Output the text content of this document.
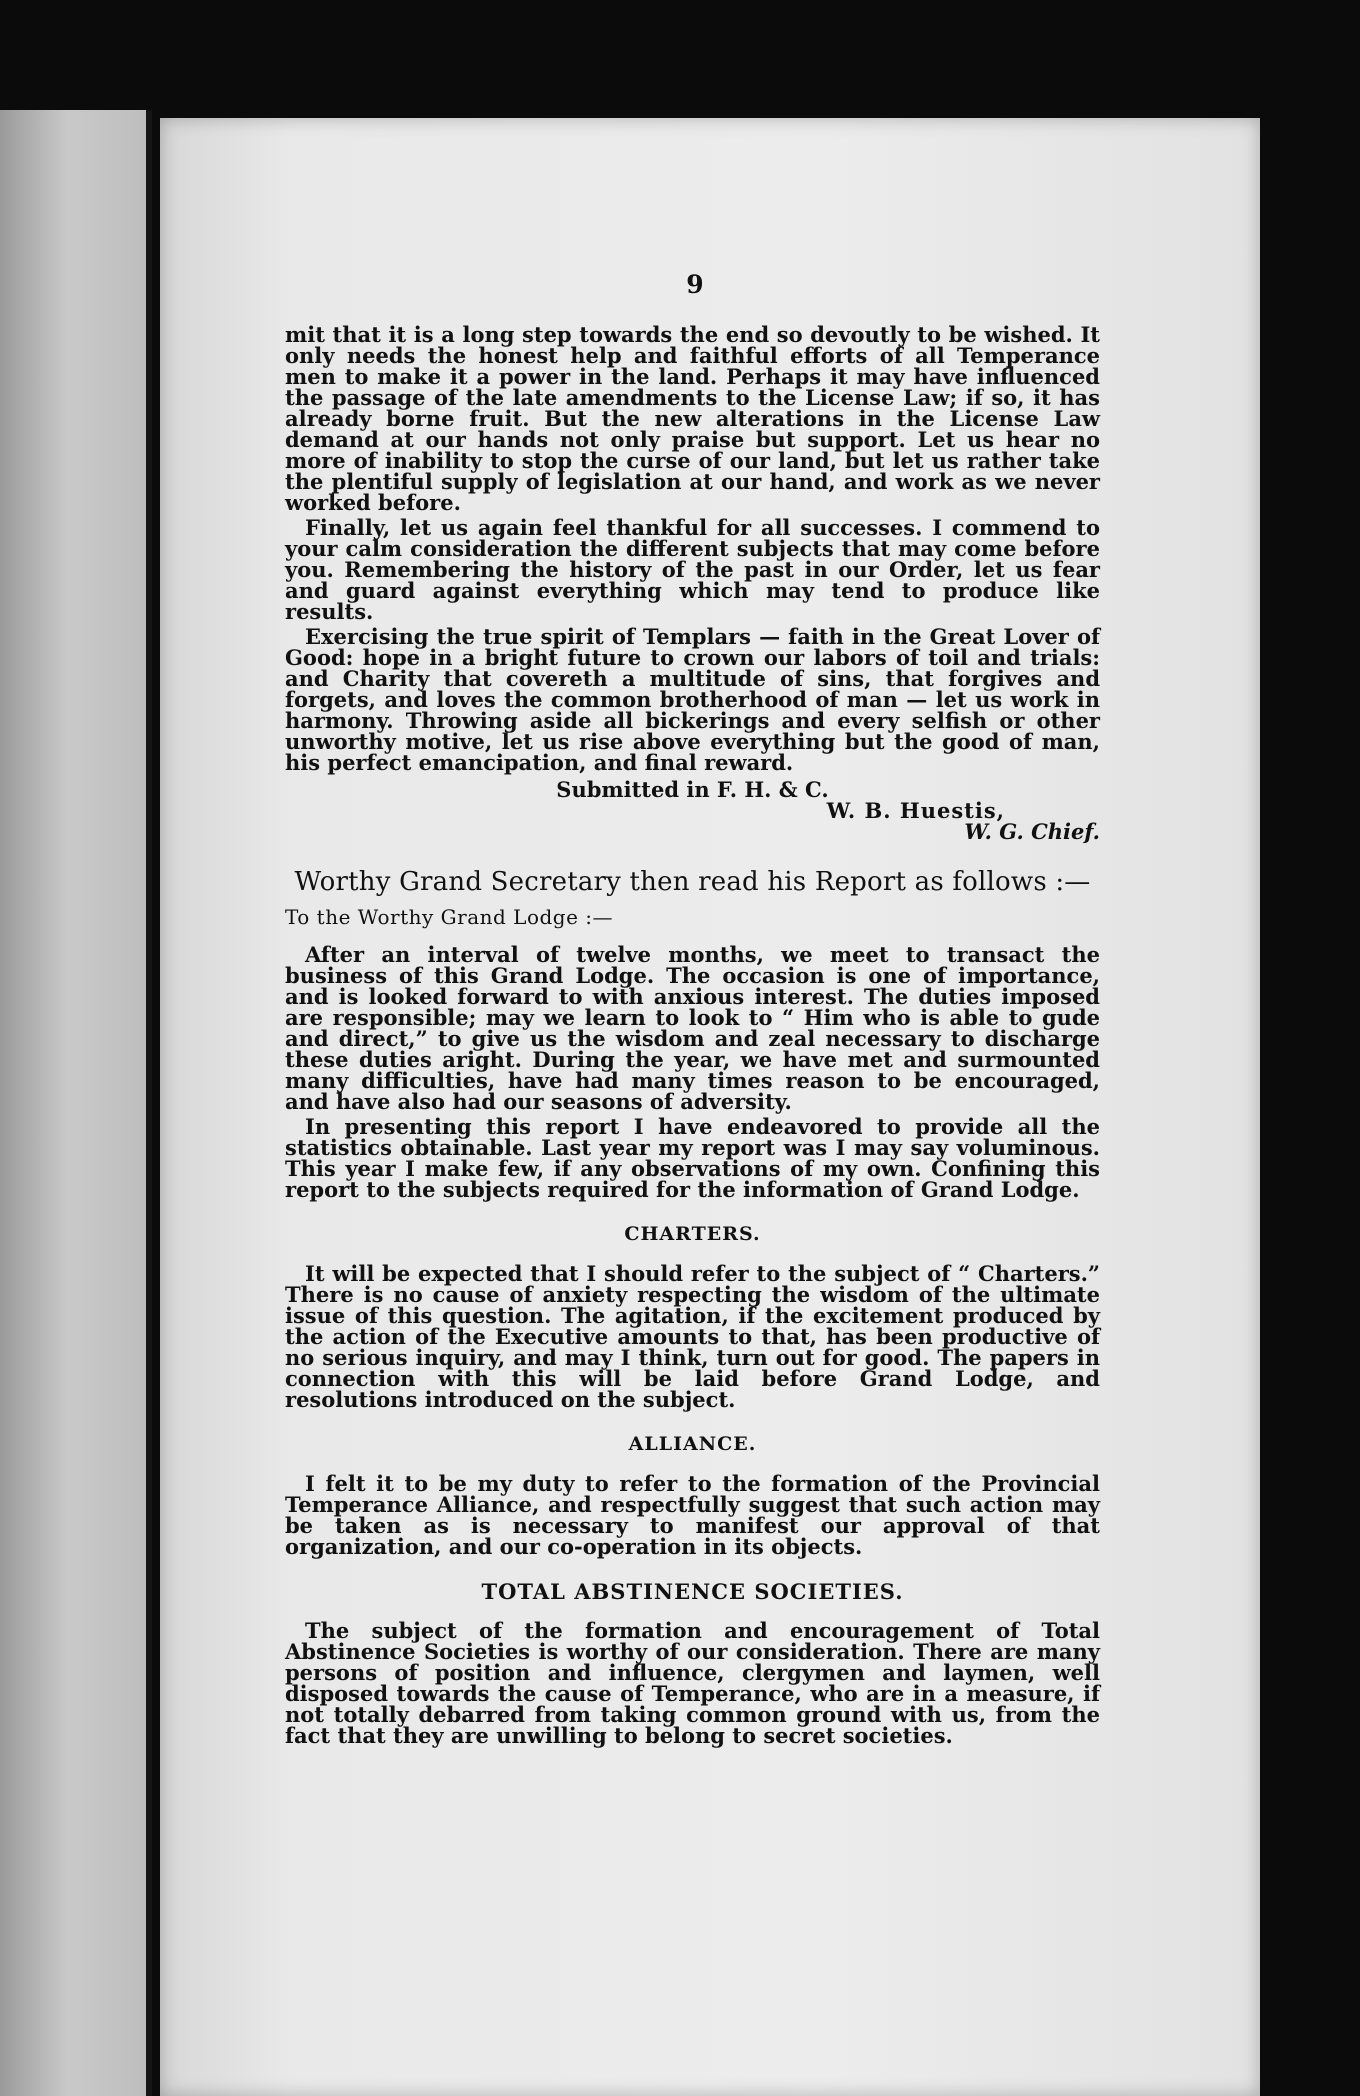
9

mit that it is a long step towards the end so devoutly to be wished. It only needs the honest help and faithful efforts of all Temperance men to make it a power in the land. Perhaps it may have influenced the passage of the late amendments to the License Law; if so, it has already borne fruit. But the new alterations in the License Law demand at our hands not only praise but support. Let us hear no more of inability to stop the curse of our land, but let us rather take the plentiful supply of legislation at our hand, and work as we never worked before.

Finally, let us again feel thankful for all successes. I commend to your calm consideration the different subjects that may come before you. Remembering the history of the past in our Order, let us fear and guard against everything which may tend to produce like results.

Exercising the true spirit of Templars — faith in the Great Lover of Good: hope in a bright future to crown our labors of toil and trials: and Charity that covereth a multitude of sins, that forgives and forgets, and loves the common brotherhood of man — let us work in harmony. Throwing aside all bickerings and every selfish or other unworthy motive, let us rise above everything but the good of man, his perfect emancipation, and final reward.

Submitted in F. H. & C.

W. B. Huestis,

W. G. Chief.

Worthy Grand Secretary then read his Report as follows :—

To the Worthy Grand Lodge :—

After an interval of twelve months, we meet to transact the business of this Grand Lodge. The occasion is one of importance, and is looked forward to with anxious interest. The duties imposed are responsible; may we learn to look to “ Him who is able to gude and direct,” to give us the wisdom and zeal necessary to discharge these duties aright. During the year, we have met and surmounted many difficulties, have had many times reason to be encouraged, and have also had our seasons of adversity.

In presenting this report I have endeavored to provide all the statistics obtainable. Last year my report was I may say voluminous. This year I make few, if any observations of my own. Confining this report to the subjects required for the information of Grand Lodge.

CHARTERS.

It will be expected that I should refer to the subject of “ Charters.” There is no cause of anxiety respecting the wisdom of the ultimate issue of this question. The agitation, if the excitement produced by the action of the Executive amounts to that, has been productive of no serious inquiry, and may I think, turn out for good. The papers in connection with this will be laid before Grand Lodge, and resolutions introduced on the subject.

ALLIANCE.

I felt it to be my duty to refer to the formation of the Provincial Temperance Alliance, and respectfully suggest that such action may be taken as is necessary to manifest our approval of that organization, and our co-operation in its objects.

TOTAL ABSTINENCE SOCIETIES.

The subject of the formation and encouragement of Total Abstinence Societies is worthy of our consideration. There are many persons of position and influence, clergymen and laymen, well disposed towards the cause of Temperance, who are in a measure, if not totally debarred from taking common ground with us, from the fact that they are unwilling to belong to secret societies.
